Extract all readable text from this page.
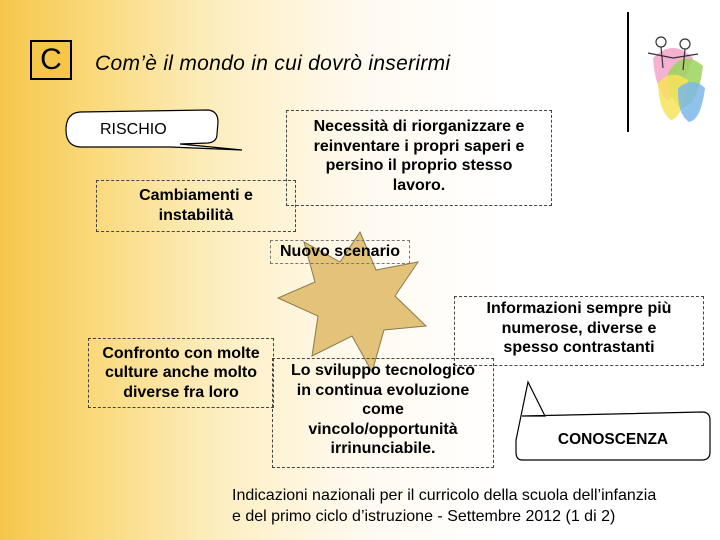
C	Com’è il mondo in cui dovrò inserirmi
RISCHIO
Cambiamenti e
instabilità
Necessità di riorganizzare e
reinventare i propri saperi e
persino il proprio stesso
lavoro.
Nuovo scenario
Informazioni sempre più
numerose, diverse e
spesso contrastanti
Confronto con molte
culture anche molto
diverse fra loro
Lo sviluppo tecnologico
in continua evoluzione
come
vincolo/opportunità
irrinunciabile.
CONOSCENZA
Indicazioni nazionali per il curricolo della scuola dell’infanzia
e del primo ciclo d’istruzione - Settembre 2012 (1 di 2)
